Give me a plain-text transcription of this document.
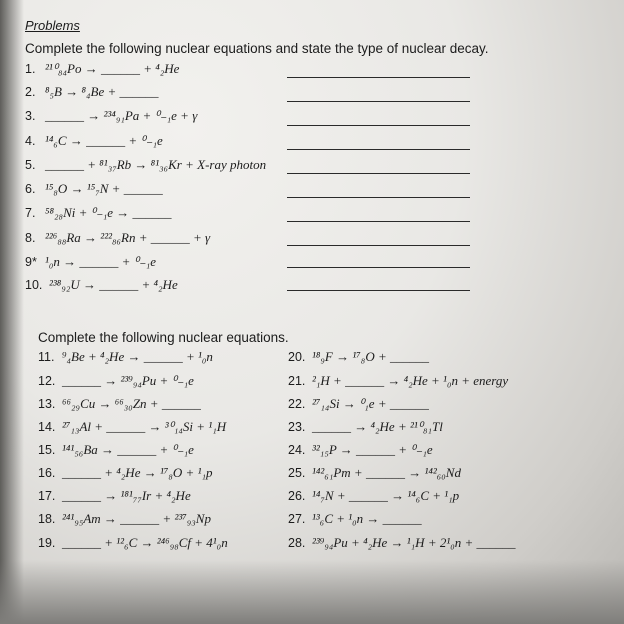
Problems
Complete the following nuclear equations and state the type of nuclear decay.
1. ²¹⁰₈₄Po → ______ + ⁴₂He
2. ⁸₅B → ⁸₄Be + ______
3. ______ → ²³⁴₉₁Pa + ⁰₋₁e + γ
4. ¹⁴₆C → ______ + ⁰₋₁e
5. ______ + ⁸¹₃₇Rb → ⁸¹₃₆Kr + X-ray photon
6. ¹⁵₈O → ¹⁵₇N + ______
7. ⁵⁸₂₈Ni + ⁰₋₁e → ______
8. ²²⁶₈₈Ra → ²²²₈₆Rn + ______ + γ
9* ¹₀n → ______ + ⁰₋₁e
10. ²³⁸₉₂U → ______ + ⁴₂He
Complete the following nuclear equations.
11. ⁹₄Be + ⁴₂He → ______ + ¹₀n
12. ______ → ²³⁹₉₄Pu + ⁰₋₁e
13. ⁶⁶₂₉Cu → ⁶⁶₃₀Zn + ______
14. ²⁷₁₃Al + ______ → ³⁰₁₄Si + ¹₁H
15. ¹⁴¹₅₆Ba → ______ + ⁰₋₁e
16. ______ + ⁴₂He → ¹⁷₈O + ¹₁p
17. ______ → ¹⁸¹₇₇Ir + ⁴₂He
18. ²⁴¹₉₅Am → ______ + ²³⁷₉₃Np
19. ______ + ¹²₆C → ²⁴⁶₉₈Cf + 4¹₀n
20. ¹⁸₉F → ¹⁷₈O + ______
21. ²₁H + ______ → ⁴₂He + ¹₀n + energy
22. ²⁷₁₄Si → ⁰₁e + ______
23. ______ → ⁴₂He + ²¹⁰₈₁Tl
24. ³²₁₅P → ______ + ⁰₋₁e
25. ¹⁴²₆₁Pm + ______ → ¹⁴²₆₀Nd
26. ¹⁴₇N + ______ → ¹⁴₆C + ¹₁p
27. ¹³₆C + ¹₀n → ______
28. ²³⁹₉₄Pu + ⁴₂He → ¹₁H + 2¹₀n + ______
